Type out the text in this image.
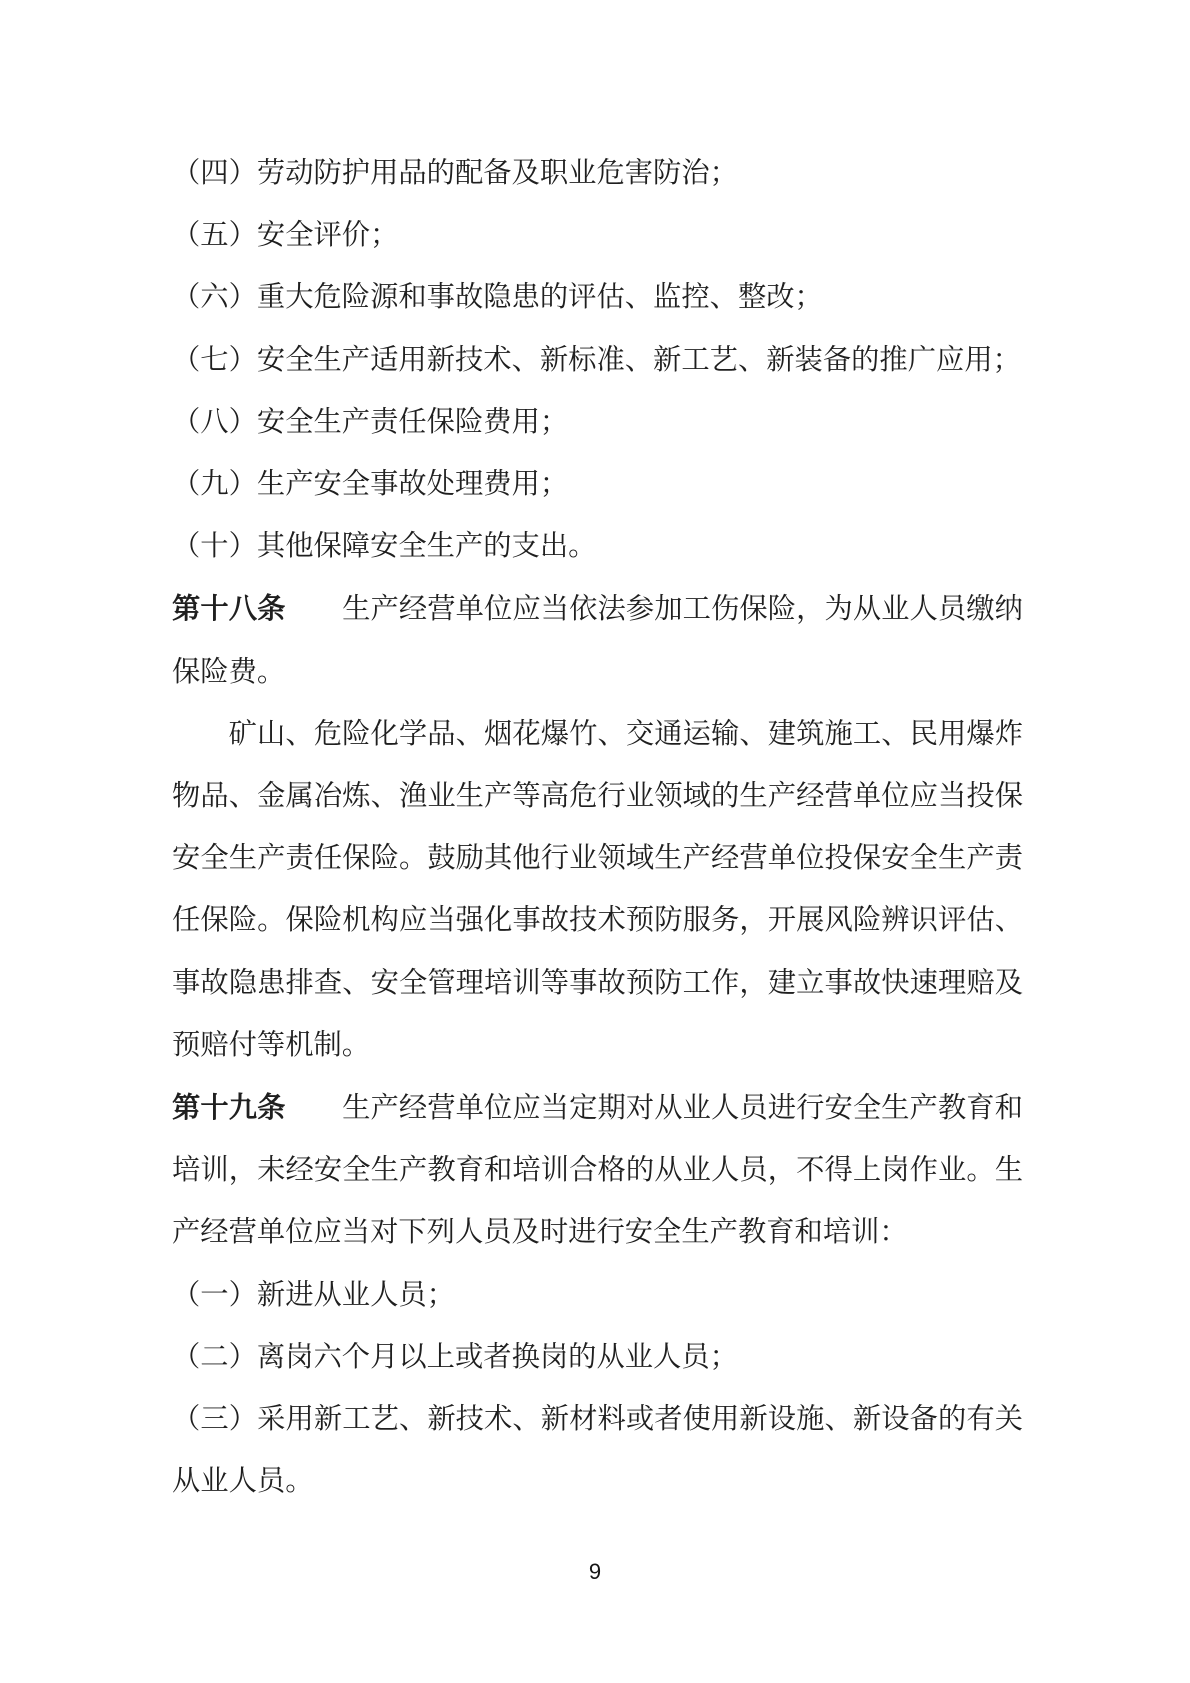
（四）劳动防护用品的配备及职业危害防治；
（五）安全评价；
（六）重大危险源和事故隐患的评估、监控、整改；
（七）安全生产适用新技术、新标准、新工艺、新装备的推广应用；
（八）安全生产责任保险费用；
（九）生产安全事故处理费用；
（十）其他保障安全生产的支出。
第十八条 生产经营单位应当依法参加工伤保险，为从业人员缴纳保险费。
矿山、危险化学品、烟花爆竹、交通运输、建筑施工、民用爆炸物品、金属冶炼、渔业生产等高危行业领域的生产经营单位应当投保安全生产责任保险。鼓励其他行业领域生产经营单位投保安全生产责任保险。保险机构应当强化事故技术预防服务，开展风险辨识评估、事故隐患排查、安全管理培训等事故预防工作，建立事故快速理赔及预赔付等机制。
第十九条 生产经营单位应当定期对从业人员进行安全生产教育和培训，未经安全生产教育和培训合格的从业人员，不得上岗作业。生产经营单位应当对下列人员及时进行安全生产教育和培训：
（一）新进从业人员；
（二）离岗六个月以上或者换岗的从业人员；
（三）采用新工艺、新技术、新材料或者使用新设施、新设备的有关从业人员。
9
